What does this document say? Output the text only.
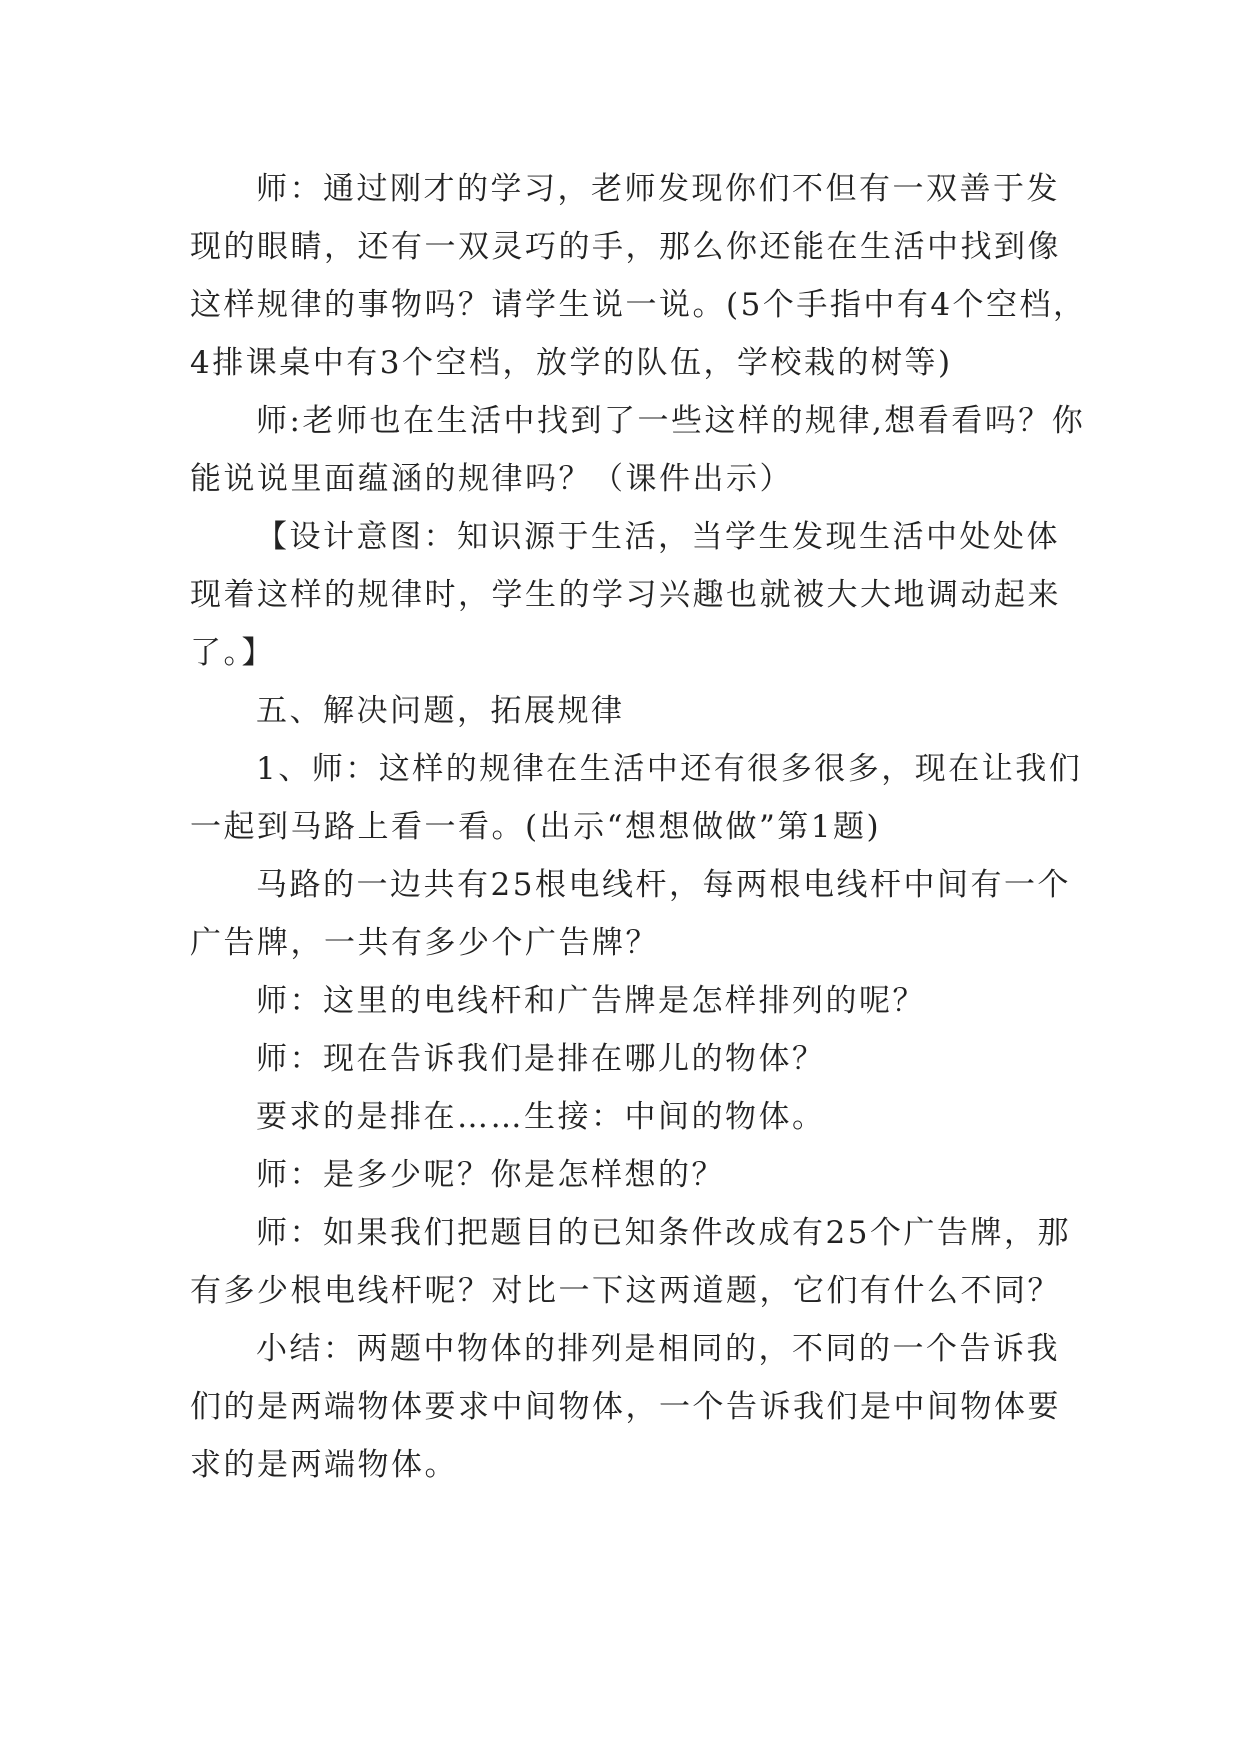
师：通过刚才的学习，老师发现你们不但有一双善于发现的眼睛，还有一双灵巧的手，那么你还能在生活中找到像这样规律的事物吗？请学生说一说。(5个手指中有4个空档，4排课桌中有3个空档，放学的队伍，学校栽的树等)

师:老师也在生活中找到了一些这样的规律,想看看吗？你能说说里面蕴涵的规律吗？（课件出示）

【设计意图：知识源于生活，当学生发现生活中处处体现着这样的规律时，学生的学习兴趣也就被大大地调动起来了。】

五、解决问题，拓展规律

1、师：这样的规律在生活中还有很多很多，现在让我们一起到马路上看一看。(出示“想想做做”第1题)

马路的一边共有25根电线杆，每两根电线杆中间有一个广告牌，一共有多少个广告牌？

师：这里的电线杆和广告牌是怎样排列的呢？

师：现在告诉我们是排在哪儿的物体？

要求的是排在……生接：中间的物体。

师：是多少呢？你是怎样想的？

师：如果我们把题目的已知条件改成有25个广告牌，那有多少根电线杆呢？对比一下这两道题，它们有什么不同？

小结：两题中物体的排列是相同的，不同的一个告诉我们的是两端物体要求中间物体，一个告诉我们是中间物体要求的是两端物体。
